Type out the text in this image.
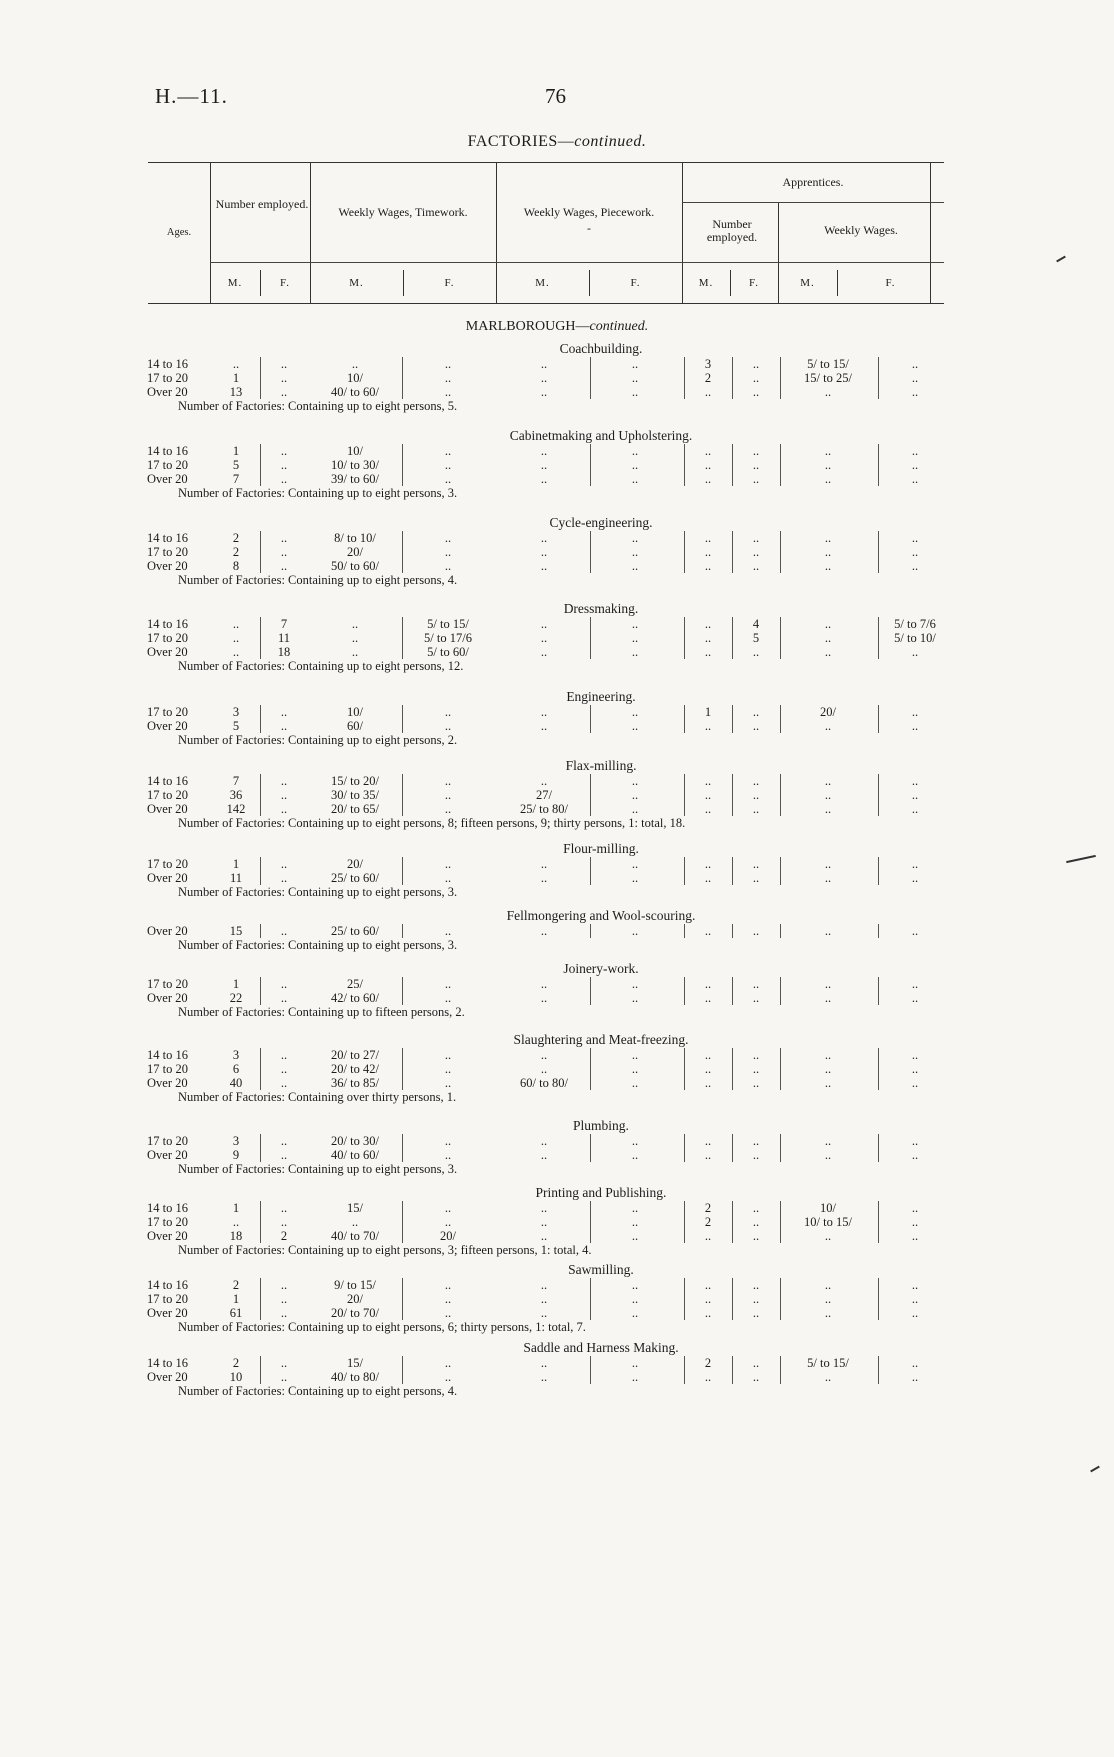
H.—11.	76
FACTORIES—continued.
Ages.
Number employed.
Weekly Wages, Timework.	Weekly Wages, Piecework.
-
Apprentices.
Number employed.	Weekly Wages.
M.	F.	M.	F.	M.	F.	M.	F.	M.	F.
MARLBOROUGH—continued.
Coachbuilding.
14 to 16	..	..	..	..	..	..	3	..	5/ to 15/	..
17 to 20	1	..	10/	..	..	..	2	..	15/ to 25/	..
Over 20	13	..	40/ to 60/	..	..	..	..	..	..	..
Number of Factories: Containing up to eight persons, 5.
Cabinetmaking and Upholstering.
14 to 16	1	..	10/	..	..	..	..	..	..	..
17 to 20	5	..	10/ to 30/	..	..	..	..	..	..	..
Over 20	7	..	39/ to 60/	..	..	..	..	..	..	..
Number of Factories: Containing up to eight persons, 3.
Cycle-engineering.
14 to 16	2	..	8/ to 10/	..	..	..	..	..	..	..
17 to 20	2	..	20/	..	..	..	..	..	..	..
Over 20	8	..	50/ to 60/	..	..	..	..	..	..	..
Number of Factories: Containing up to eight persons, 4.
Dressmaking.
14 to 16	..	7	..	5/ to 15/	..	..	..	4	..	5/ to 7/6
17 to 20	..	11	..	5/ to 17/6	..	..	..	5	..	5/ to 10/
Over 20	..	18	..	5/ to 60/	..	..	..	..	..	..
Number of Factories: Containing up to eight persons, 12.
Engineering.
17 to 20	3	..	10/	..	..	..	1	..	20/	..
Over 20	5	..	60/	..	..	..	..	..	..	..
Number of Factories: Containing up to eight persons, 2.
Flax-milling.
14 to 16	7	..	15/ to 20/	..	..	..	..	..	..	..
17 to 20	36	..	30/ to 35/	..	27/	..	..	..	..	..
Over 20	142	..	20/ to 65/	..	25/ to 80/	..	..	..	..	..
Number of Factories: Containing up to eight persons, 8; fifteen persons, 9; thirty persons, 1: total, 18.
Flour-milling.
17 to 20	1	..	20/	..	..	..	..	..	..	..
Over 20	11	..	25/ to 60/	..	..	..	..	..	..	..
Number of Factories: Containing up to eight persons, 3.
Fellmongering and Wool-scouring.
Over 20	15	..	25/ to 60/	..	..	..	..	..	..	..
Number of Factories: Containing up to eight persons, 3.
Joinery-work.
17 to 20	1	..	25/	..	..	..	..	..	..	..
Over 20	22	..	42/ to 60/	..	..	..	..	..	..	..
Number of Factories: Containing up to fifteen persons, 2.
Slaughtering and Meat-freezing.
14 to 16	3	..	20/ to 27/	..	..	..	..	..	..	..
17 to 20	6	..	20/ to 42/	..	..	..	..	..	..	..
Over 20	40	..	36/ to 85/	..	60/ to 80/	..	..	..	..	..
Number of Factories: Containing over thirty persons, 1.
Plumbing.
17 to 20	3	..	20/ to 30/	..	..	..	..	..	..	..
Over 20	9	..	40/ to 60/	..	..	..	..	..	..	..
Number of Factories: Containing up to eight persons, 3.
Printing and Publishing.
14 to 16	1	..	15/	..	..	..	2	..	10/	..
17 to 20	..	..	..	..	..	..	2	..	10/ to 15/	..
Over 20	18	2	40/ to 70/	20/	..	..	..	..	..	..
Number of Factories: Containing up to eight persons, 3; fifteen persons, 1: total, 4.
Sawmilling.
14 to 16	2	..	9/ to 15/	..	..	..	..	..	..	..
17 to 20	1	..	20/	..	..	..	..	..	..	..
Over 20	61	..	20/ to 70/	..	..	..	..	..	..	..
Number of Factories: Containing up to eight persons, 6; thirty persons, 1: total, 7.
Saddle and Harness Making.
14 to 16	2	..	15/	..	..	..	2	..	5/ to 15/	..
Over 20	10	..	40/ to 80/	..	..	..	..	..	..	..
Number of Factories: Containing up to eight persons, 4.
